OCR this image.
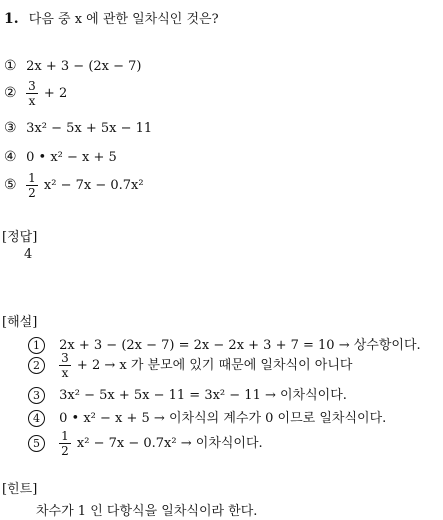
1. 다음 중 x 에 관한 일차식인 것은?
① 2x + 3 − (2x − 7)
② $\frac{3}{x} + 2$
③ 3x² − 5x + 5x − 11
④ 0 • x² − x + 5
⑤ $\frac{1}{2} x^2 - 7x - 0.7x^2$
[정답]
4
[해설]
1 2x + 3 − (2x − 7) = 2x − 2x + 3 + 7 = 10 → 상수항이다.
$2 \frac{3}{x} + 2 \to x$ 가 분모에 있기 때문에 일차식이 아니다
3 3x² − 5x + 5x − 11 = 3x² − 11 → 이차식이다.
4 0 • x² − x + 5 → 이차식의 계수가 0 이므로 일차식이다.
$5 \frac{1}{2} x^2 - 7x - 0.7x^2$ → 이차식이다.
[힌트]
차수가 1 인 다항식을 일차식이라 한다.
